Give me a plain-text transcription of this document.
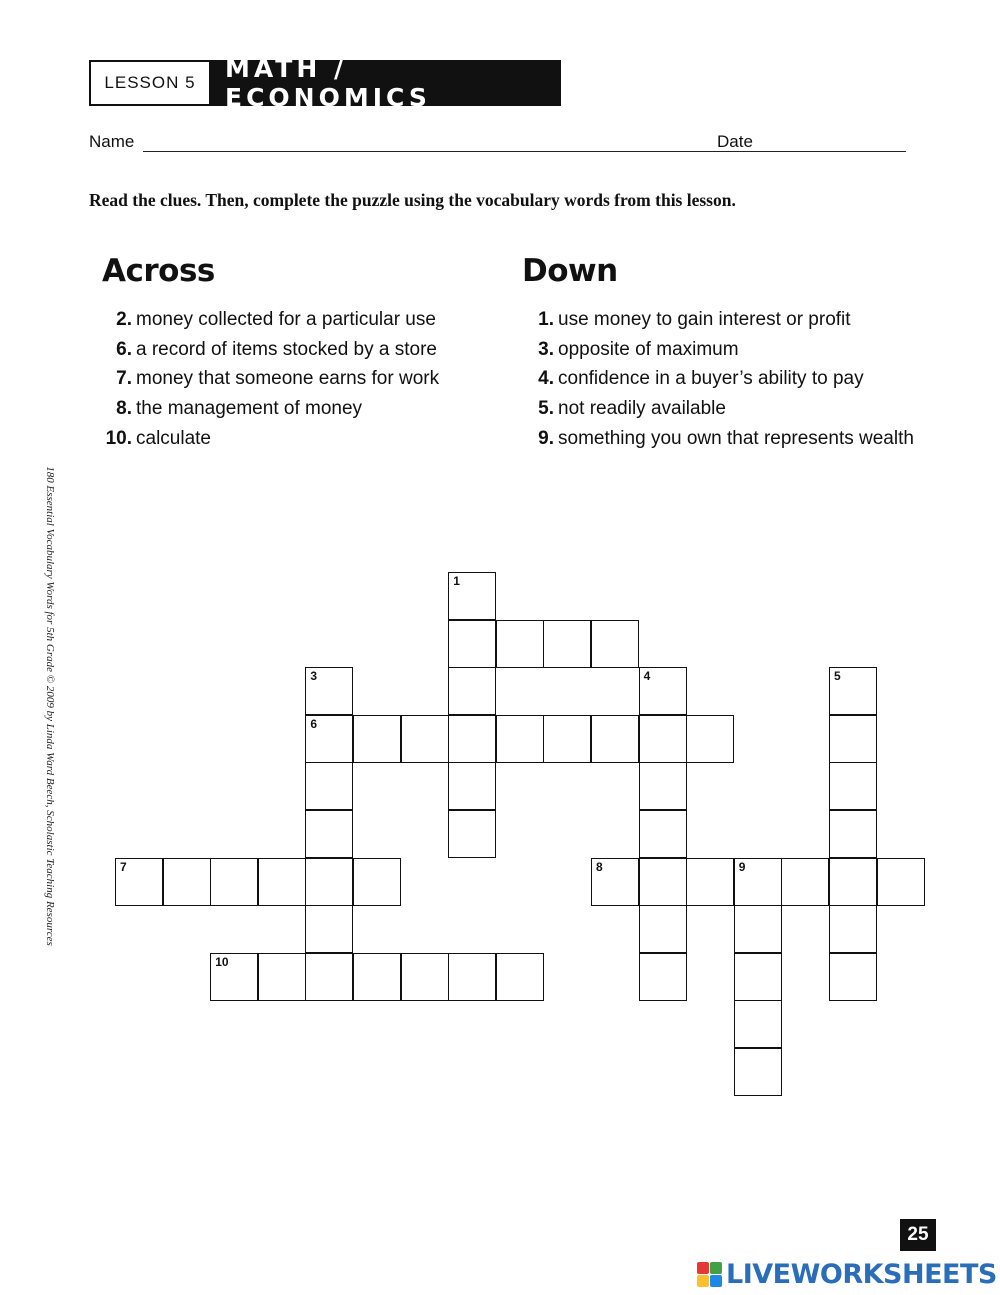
LESSON 5	MATH / ECONOMICS
Name	Date
Read the clues. Then, complete the puzzle using the vocabulary words from this lesson.
Across
2. money collected for a particular use
6. a record of items stocked by a store
7. money that someone earns for work
8. the management of money
10. calculate
Down
1. use money to gain interest or profit
3. opposite of maximum
4. confidence in a buyer’s ability to pay
5. not readily available
9. something you own that represents wealth
6
7	8	9
10
1
3	4	5
180 Essential Vocabulary Words for 5th Grade © 2009 by Linda Ward Beech, Scholastic Teaching Resources
25
LIVEWORKSHEETS
